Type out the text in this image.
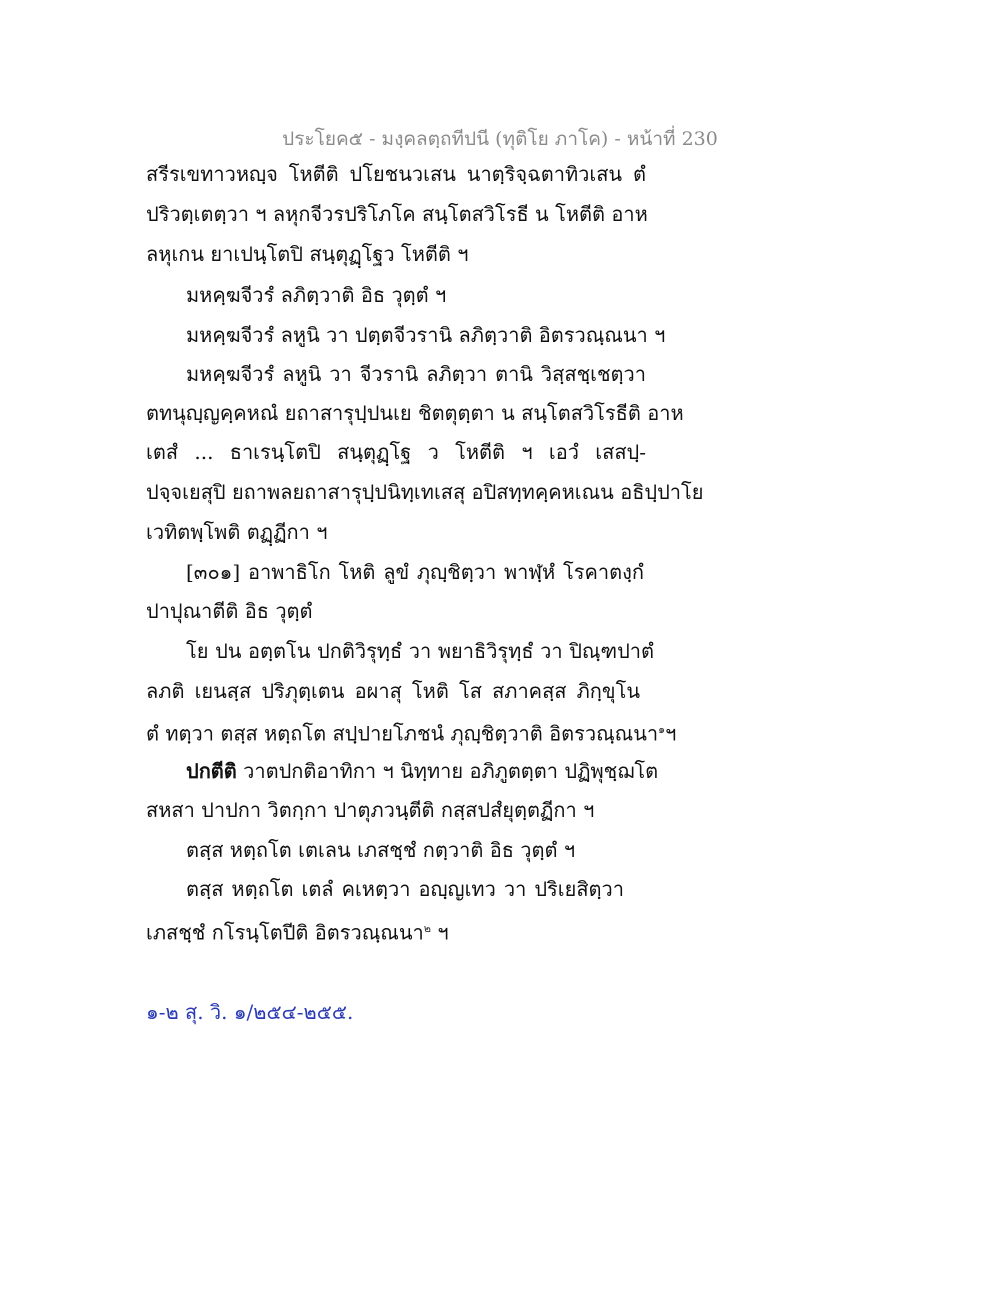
ประโยค๕ - มงฺคลตฺถทีปนี (ทุติโย ภาโค) - หน้าที่ 230
สรีรเขทาวหญฺจ โหตีติ ปโยชนวเสน นาตฺริจฺฉตาทิวเสน ตํ
ปริวตฺเตตฺวา ฯ ลหุกจีวรปริโภโค สนฺโตสวิโรธี น โหตีติ อาห
ลหุเกน ยาเปนฺโตปิ สนฺตุฏฺโฐว โหตีติ ฯ
มหคฺฆจีวรํ ลภิตฺวาติ อิธ วุตฺตํ ฯ
มหคฺฆจีวรํ ลหูนิ วา ปตฺตจีวรานิ ลภิตฺวาติ อิตรวณฺณนา ฯ
มหคฺฆจีวรํ ลหูนิ วา จีวรานิ ลภิตฺวา ตานิ วิสฺสชฺเชตฺวา
ตทนุญฺญคฺคหณํ ยถาสารุปฺปนเย ชิตตุตฺตา น สนฺโตสวิโรธีติ อาห
เตสํ ... ธาเรนฺโตปิ สนฺตุฏฺโฐ ว โหตีติ ฯ เอวํ เสสปฺ-
ปจฺจเยสุปิ ยถาพลยถาสารุปฺปนิทฺเทเสสุ อปิสทฺทคฺคหเณน อธิปฺปาโย
เวทิตพฺโพติ ตฏฺฏีกา ฯ
[๓๐๑] อาพาธิโก โหติ ลูขํ ภุญฺชิตฺวา พาฬฺหํ โรคาตงฺกํ
ปาปุณาตีติ อิธ วุตฺตํ
โย ปน อตฺตโน ปกติวิรุทฺธํ วา พยาธิวิรุทฺธํ วา ปิณฺฑปาตํ
ลภติ เยนสฺส ปริภุตฺเตน อผาสุ โหติ โส สภาคสฺส ภิกฺขุโน
ตํ ทตฺวา ตสฺส หตฺถโต สปฺปายโภชนํ ภุญฺชิตฺวาติ อิตรวณฺณนา$^๑$ฯ
ปกตีติ วาตปกติอาทิกา ฯ นิทฺทาย อภิภูตตฺตา ปฏิพุชฺฌโต
สหสา ปาปกา วิตกฺกา ปาตุภวนฺตีติ กสฺสปสํยุตฺตฏีกา ฯ
ตสฺส หตฺถโต เตเลน เภสชฺชํ กตฺวาติ อิธ วุตฺตํ ฯ
ตสฺส หตฺถโต เตลํ คเหตฺวา อญฺญเทว วา ปริเยสิตฺวา
เภสชฺชํ กโรนฺโตปีติ อิตรวณฺณนา$^๒$ ฯ
๑-๒ สุ. วิ. ๑/๒๕๔-๒๕๕.
